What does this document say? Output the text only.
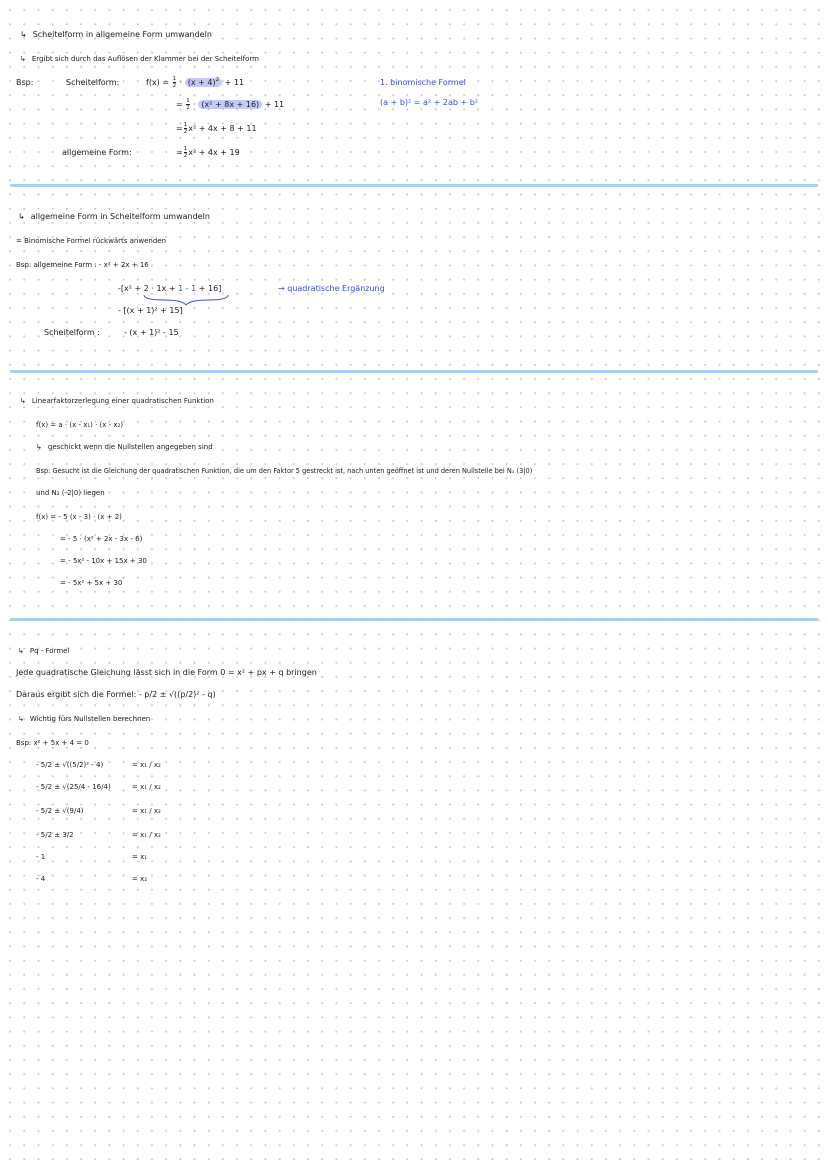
↳ Scheitelform in allgemeine Form umwandeln
↳ Ergibt sich durch das Auflösen der Klammer bei der Scheitelform
Bsp:	Scheitelform:	$f(x) = \frac{1}{2} \cdot (x + 4)^2 + 11$
= $\frac{1}{2} \cdot (x^2 + 8x + 16) + 11$
= $\frac{1}{2} x^2 + 4x + 8 + 11$
allgemeine Form:	= $\frac{1}{2} x^2 + 4x + 19$
1. binomische Formel
(a + b)² = a² + 2ab + b²
↳ allgemeine Form in Scheitelform umwandeln
= Binomische Formel rückwärts anwenden
Bsp: allgemeine Form : - x² + 2x + 16
-[x² + 2 · 1x + 1 - 1 + 16]	→ quadratische Ergänzung
- [(x + 1)² + 15]
Scheitelform :	- (x + 1)² - 15
↳ Linearfaktorzerlegung einer quadratischen Funktion
f(x) = a · (x - x₁) · (x - x₂)
↳ geschickt wenn die Nullstellen angegeben sind
Bsp: Gesucht ist die Gleichung der quadratischen Funktion, die um den Faktor 5 gestreckt ist, nach unten geöffnet ist und deren Nullstelle bei N₁ (3|0)
und N₂ (-2|0) liegen
f(x) = - 5 (x - 3) · (x + 2)
= - 5 · (x² + 2x - 3x - 6)
= - 5x² - 10x + 15x + 30
= - 5x² + 5x + 30
↳ Pq - Formel
Jede quadratische Gleichung lässt sich in die Form 0 = x² + px + q bringen
Daraus ergibt sich die Formel: - p/2 ± √((p/2)² - q)
↳ Wichtig fürs Nullstellen berechnen
Bsp: x² + 5x + 4 = 0
- 5/2 ± √((5/2)² - 4)	= x₁ / x₂
- 5/2 ± √(25/4 - 16/4)	= x₁ / x₂
- 5/2 ± √(9/4)	= x₁ / x₂
- 5/2 ± 3/2	= x₁ / x₂
- 1	= x₁
- 4	= x₂
